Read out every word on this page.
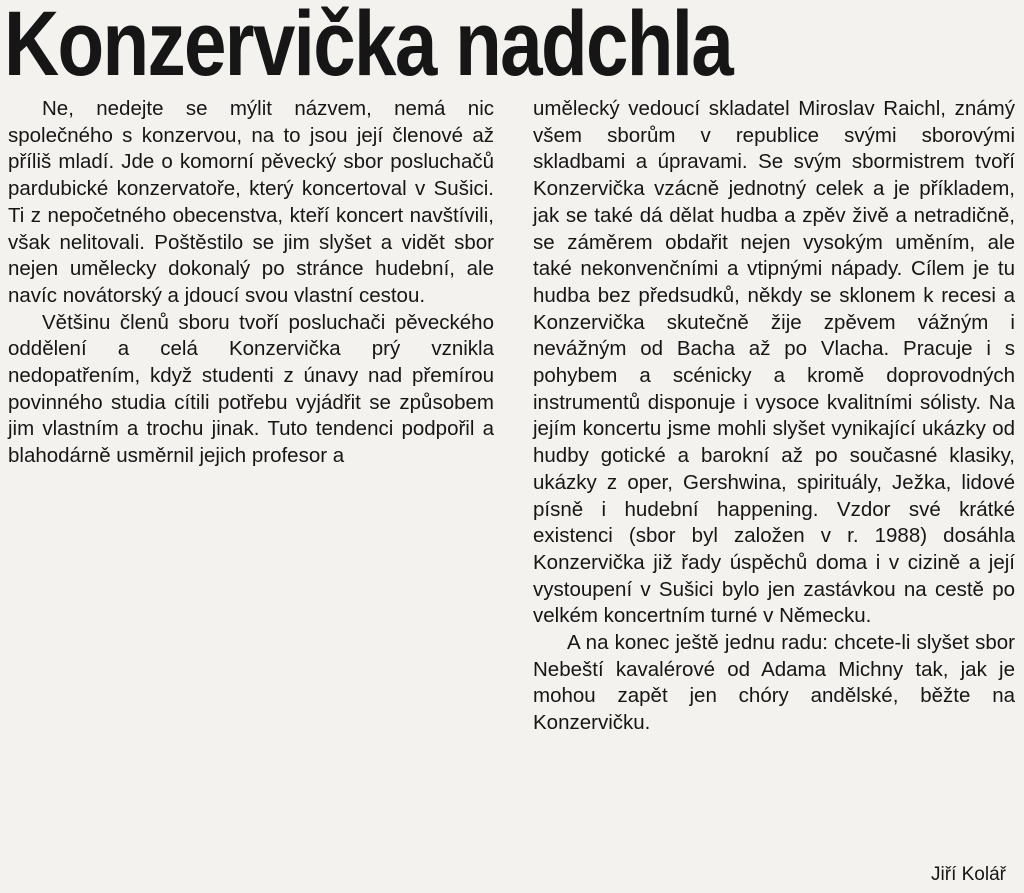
Konzervička nadchla

Ne, nedejte se mýlit názvem, nemá nic společného s konzervou, na to jsou její členové až příliš mladí. Jde o komorní pěvecký sbor posluchačů pardubické konzervatoře, který koncertoval v Sušici. Ti z nepočetného obecenstva, kteří koncert navštívili, však nelitovali. Poštěstilo se jim slyšet a vidět sbor nejen umělecky dokonalý po stránce hudební, ale navíc novátorský a jdoucí svou vlastní cestou.

Většinu členů sboru tvoří posluchači pěveckého oddělení a celá Konzervička prý vznikla nedopatřením, když studenti z únavy nad přemírou povinného studia cítili potřebu vyjádřit se způsobem jim vlastním a trochu jinak. Tuto tendenci podpořil a blahodárně usměrnil jejich profesor a

umělecký vedoucí skladatel Miroslav Raichl, známý všem sborům v republice svými sborovými skladbami a úpravami. Se svým sbormistrem tvoří Konzervička vzácně jednotný celek a je příkladem, jak se také dá dělat hudba a zpěv živě a netradičně, se záměrem obdařit nejen vysokým uměním, ale také nekonvenčními a vtipnými nápady. Cílem je tu hudba bez předsudků, někdy se sklonem k recesi a Konzervička skutečně žije zpěvem vážným i nevážným od Bacha až po Vlacha. Pracuje i s pohybem a scénicky a kromě doprovodných instrumentů disponuje i vysoce kvalitními sólisty. Na jejím koncertu jsme mohli slyšet vynikající ukázky od hudby gotické a barokní až po současné klasiky, ukázky z oper, Gershwina, spirituály, Ježka, lidové písně i hudební happening. Vzdor své krátké existenci (sbor byl založen v r. 1988) dosáhla Konzervička již řady úspěchů doma i v cizině a její vystoupení v Sušici bylo jen zastávkou na cestě po velkém koncertním turné v Německu.

A na konec ještě jednu radu: chcete-li slyšet sbor Nebeští kavalérové od Adama Michny tak, jak je mohou zapět jen chóry andělské, běžte na Konzervičku.

Jiří Kolář
